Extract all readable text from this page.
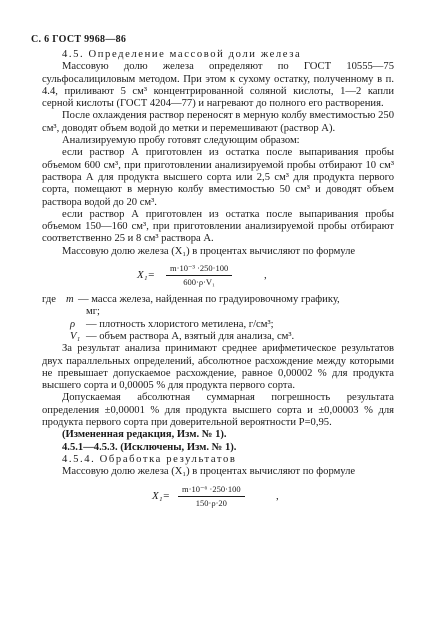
С. 6 ГОСТ 9968—86

4.5. Определение массовой доли железа

Массовую долю железа определяют по ГОСТ 10555—75 сульфосалициловым методом. При этом к сухому остатку, полученному в п. 4.4, приливают 5 см³ концентрированной соляной кислоты, 1—2 капли серной кислоты (ГОСТ 4204—77) и нагревают до полного его растворения.

После охлаждения раствор переносят в мерную колбу вместимостью 250 см³, доводят объем водой до метки и перемешивают (раствор А).

Анализируемую пробу готовят следующим образом:

если раствор А приготовлен из остатка после выпаривания пробы объемом 600 см³, при приготовлении анализируемой пробы отбирают 10 см³ раствора А для продукта высшего сорта или 2,5 см³ для продукта первого сорта, помещают в мерную колбу вместимостью 50 см³ и доводят объем раствора водой до 20 см³.

если раствор А приготовлен из остатка после выпаривания пробы объемом 150—160 см³, при приготовлении анализируемой пробы отбирают соответственно 25 и 8 см³ раствора А.

Массовую долю железа (X₁) в процентах вычисляют по формуле

$X_1= \frac{\text{m·10⁻³ ·250·100}}{\text{600·ρ·V₁}}$	,
где m — масса железа, найденная по градуировочному графику,
мг;
ρ — плотность хлористого метилена, г/см³;
V₁ — объем раствора А, взятый для анализа, см³.

За результат анализа принимают среднее арифметическое результатов двух параллельных определений, абсолютное расхождение между которыми не превышает допускаемое расхождение, равное 0,00002 % для продукта высшего сорта и 0,00005 % для продукта первого сорта.

Допускаемая абсолютная суммарная погрешность результата определения ±0,00001 % для продукта высшего сорта и ±0,00003 % для продукта первого сорта при доверительной вероятности P=0,95.

(Измененная редакция, Изм. № 1).

4.5.1—4.5.3. (Исключены, Изм. № 1).

4.5.4. Обработка результатов

Массовую долю железа (X₁) в процентах вычисляют по формуле

$X_1= \frac{\text{m·10⁻⁶ ·250·100}}{150\cdot\rho\cdot 20}$	,
